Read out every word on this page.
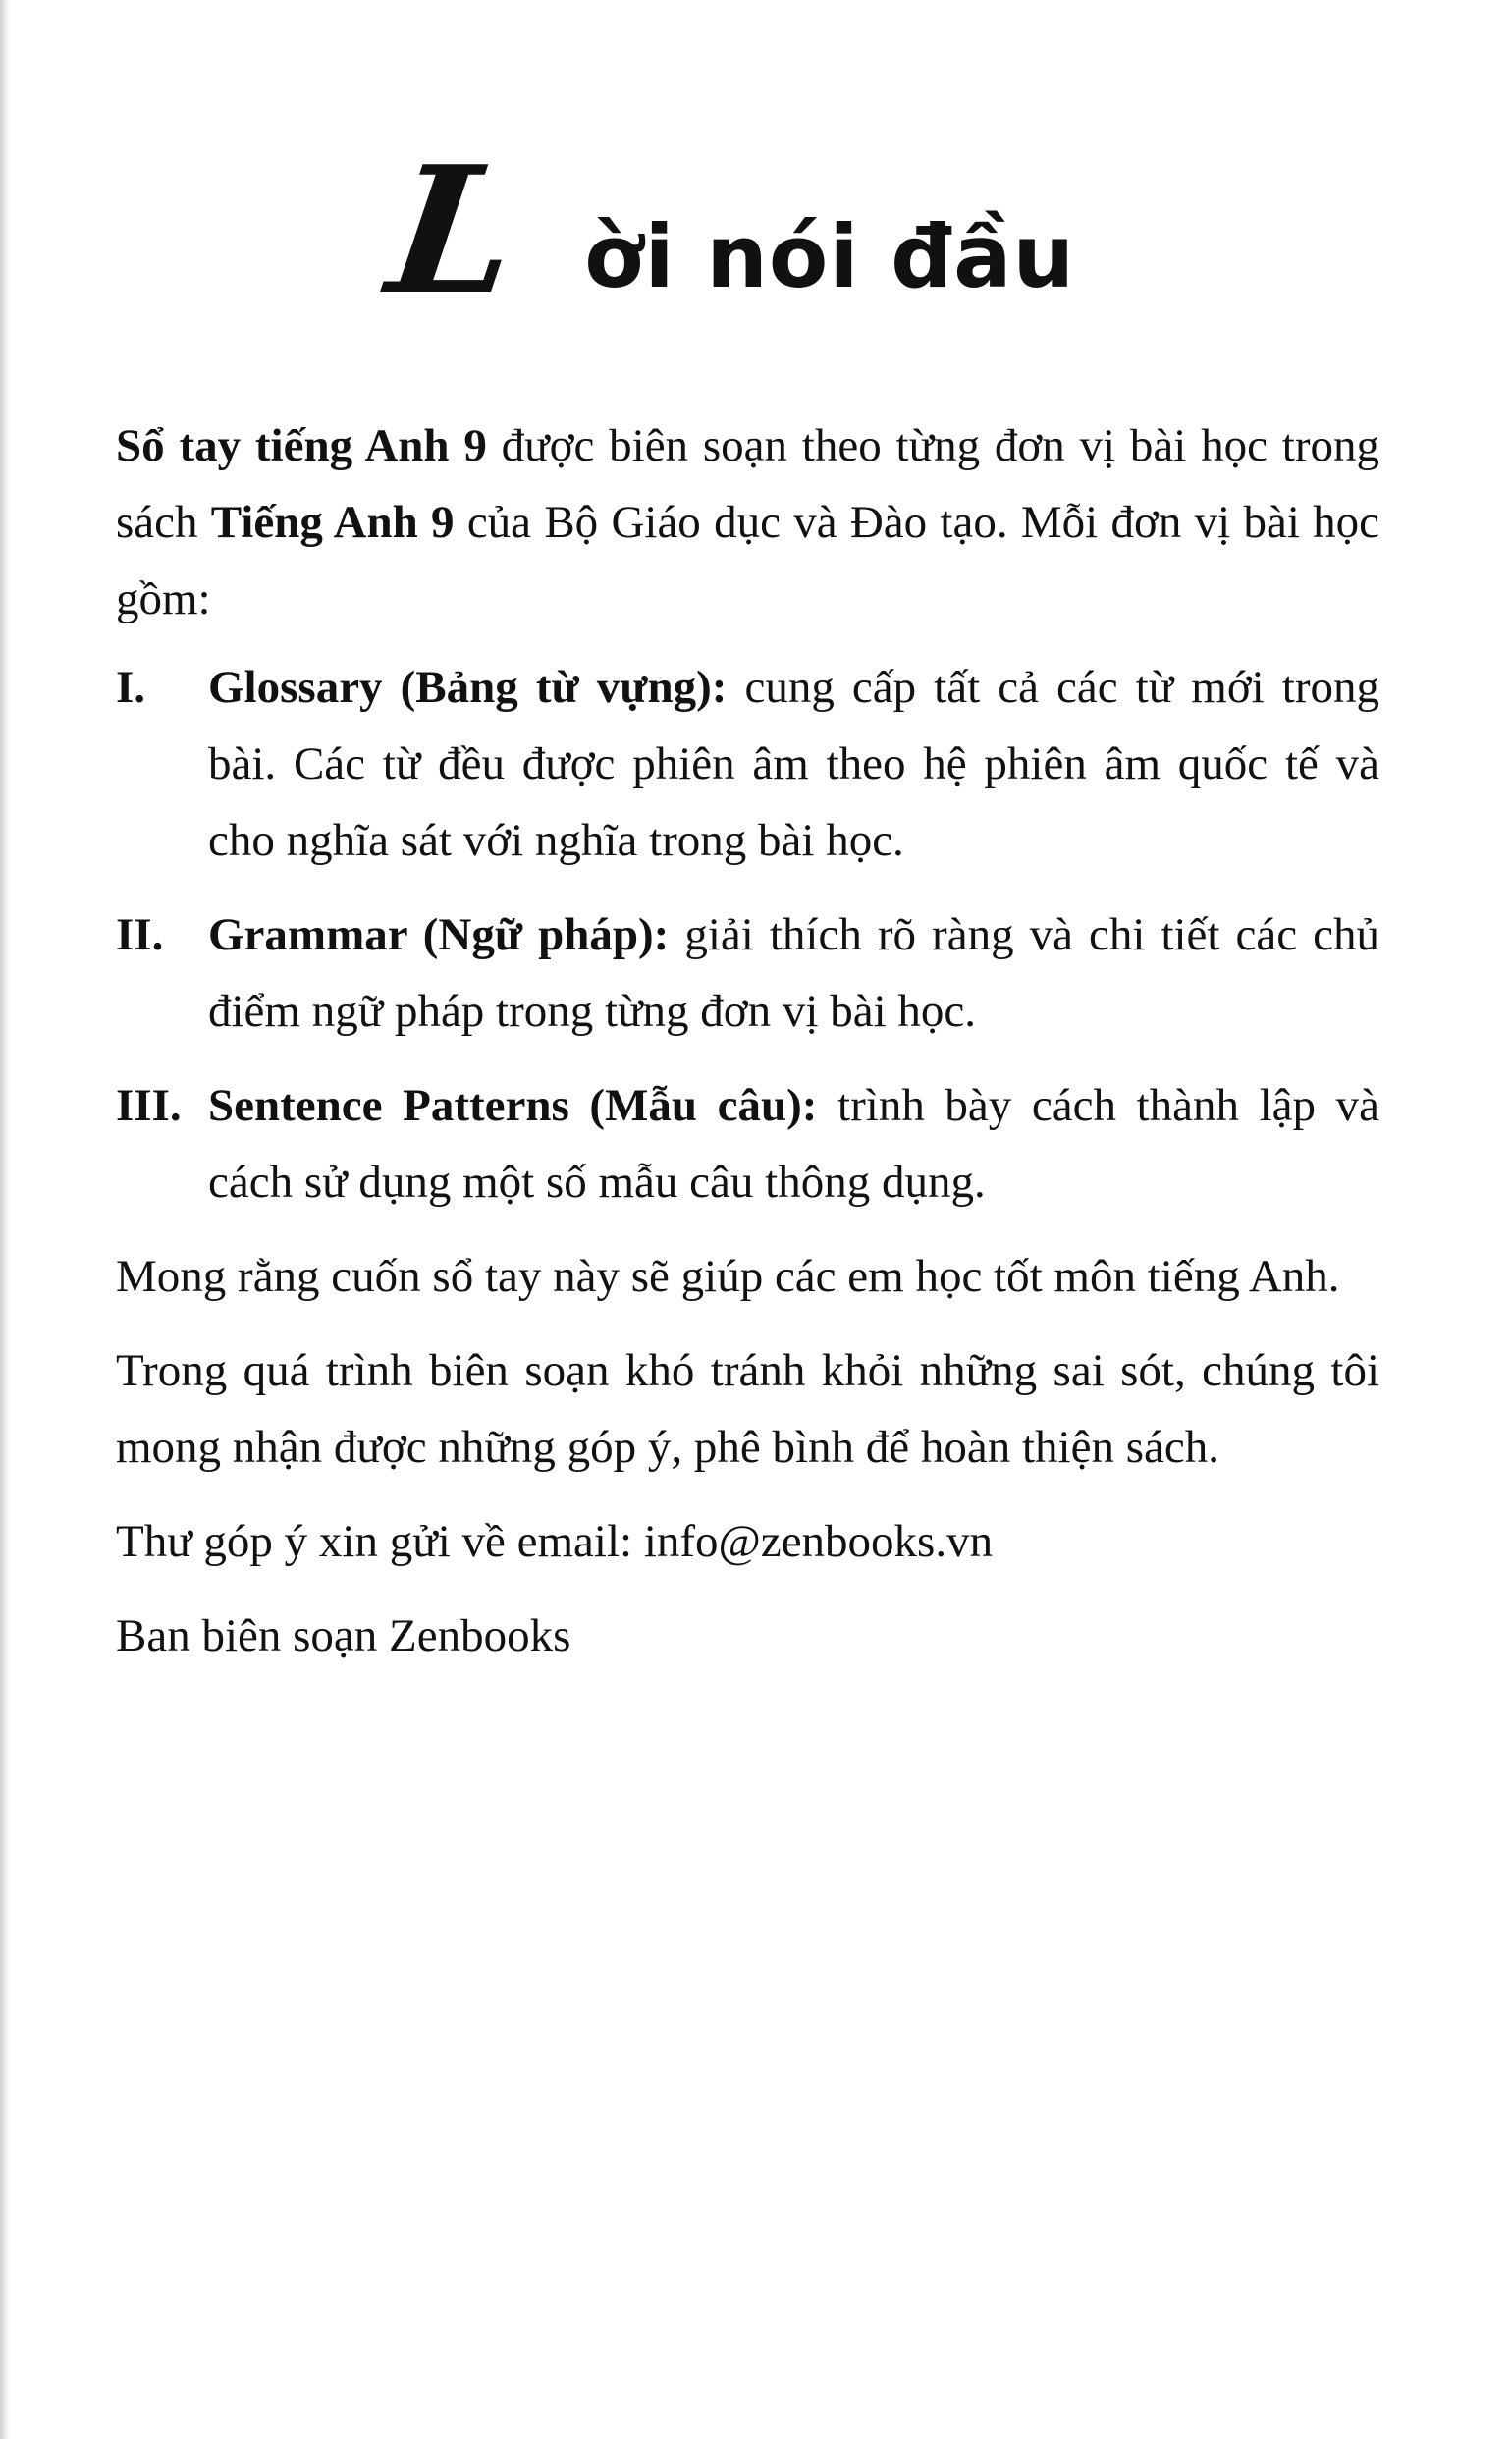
L ời nói đầu

Sổ tay tiếng Anh 9 được biên soạn theo từng đơn vị bài học trong sách Tiếng Anh 9 của Bộ Giáo dục và Đào tạo. Mỗi đơn vị bài học gồm:

I. Glossary (Bảng từ vựng): cung cấp tất cả các từ mới trong bài. Các từ đều được phiên âm theo hệ phiên âm quốc tế và cho nghĩa sát với nghĩa trong bài học.
II. Grammar (Ngữ pháp): giải thích rõ ràng và chi tiết các chủ điểm ngữ pháp trong từng đơn vị bài học.
III. Sentence Patterns (Mẫu câu): trình bày cách thành lập và cách sử dụng một số mẫu câu thông dụng.

Mong rằng cuốn sổ tay này sẽ giúp các em học tốt môn tiếng Anh.

Trong quá trình biên soạn khó tránh khỏi những sai sót, chúng tôi mong nhận được những góp ý, phê bình để hoàn thiện sách.

Thư góp ý xin gửi về email: info@zenbooks.vn

Ban biên soạn Zenbooks
